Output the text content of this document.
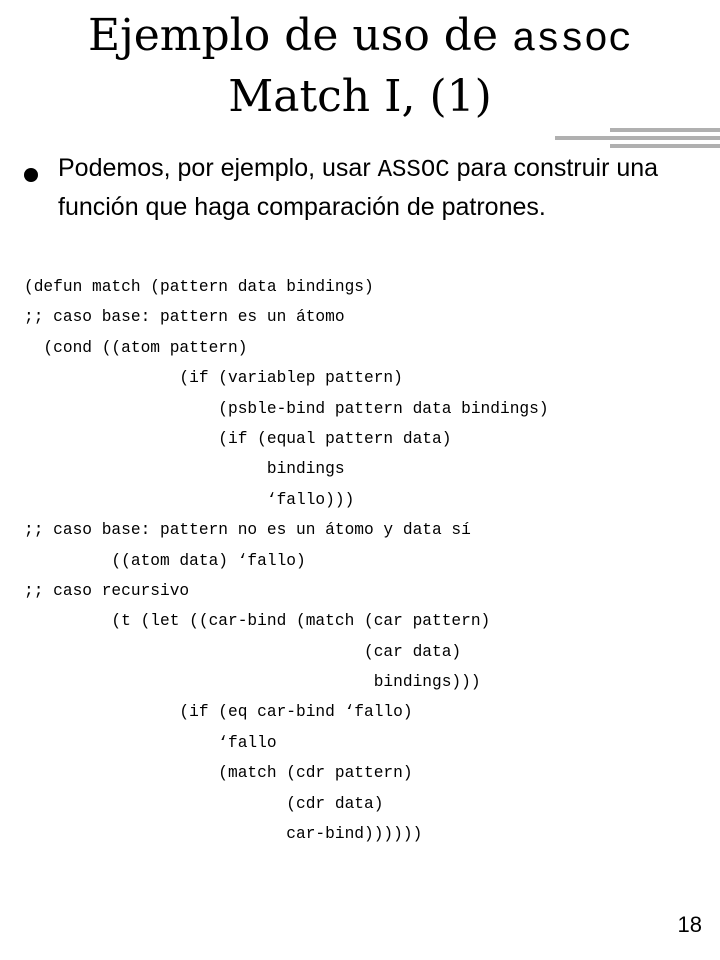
Ejemplo de uso de assoc
Match I, (1)
Podemos, por ejemplo, usar ASSOC para construir una función que haga comparación de patrones.
(defun match (pattern data bindings)
;; caso base: pattern es un átomo
(cond ((atom pattern)
(if (variablep pattern)
(psble-bind pattern data bindings)
(if (equal pattern data)
bindings
‘fallo)))
;; caso base: pattern no es un átomo y data sí
((atom data) ‘fallo)
;; caso recursivo
(t (let ((car-bind (match (car pattern)
(car data)
bindings)))
(if (eq car-bind ‘fallo)
‘fallo
(match (cdr pattern)
(cdr data)
car-bind))))))
18
